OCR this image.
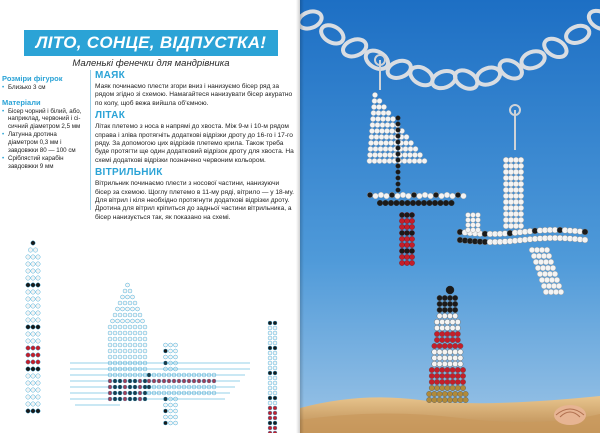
ЛІТО, СОНЦЕ, ВІДПУСТКА!
Маленькі фенечки для мандрівника
Розміри фігурок
• Близько 3 см
Матеріали
• Бісер чорний і білий, або, наприклад, червоний і сі-сичний діаметром 2,5 мм
• Латунна дротина діаметром 0,3 мм і завдовжки 80 — 100 см
• Сріблястий карабін завдовжки 9 мм
МАЯК
Маяк починаємо плести згори вниз і нанизуємо бісер ряд за рядом згідно зі схемою. Намагайтеся нанизувати бісер акуратно по колу, щоб вежа вийшла об'ємною.
ЛІТАК
Літак плетемо з носа в напрямі до хвоста. Між 9-м і 10-м рядом справа і зліва протягніть додаткові відрізки дроту до 16-го і 17-го ряду. За допомогою цих відрізків плетемо крила. Також треба буде протягти ще один додатковий відрізок дроту для хвоста. На схемі додаткові відрізки позначено червоним кольором.
ВІТРИЛЬНИК
Вітрильник починаємо плести з носової частини, нанизуючи бісер за схемою. Щоглу плетемо в 11-му ряді, вітрило — у 18-му. Для вітрил і кіля необхідно протягнути додаткові відрізки дроту. Дротина для вітрил кріпиться до задньої частини вітрильника, а бісер нанизується так, як показано на схемі.
